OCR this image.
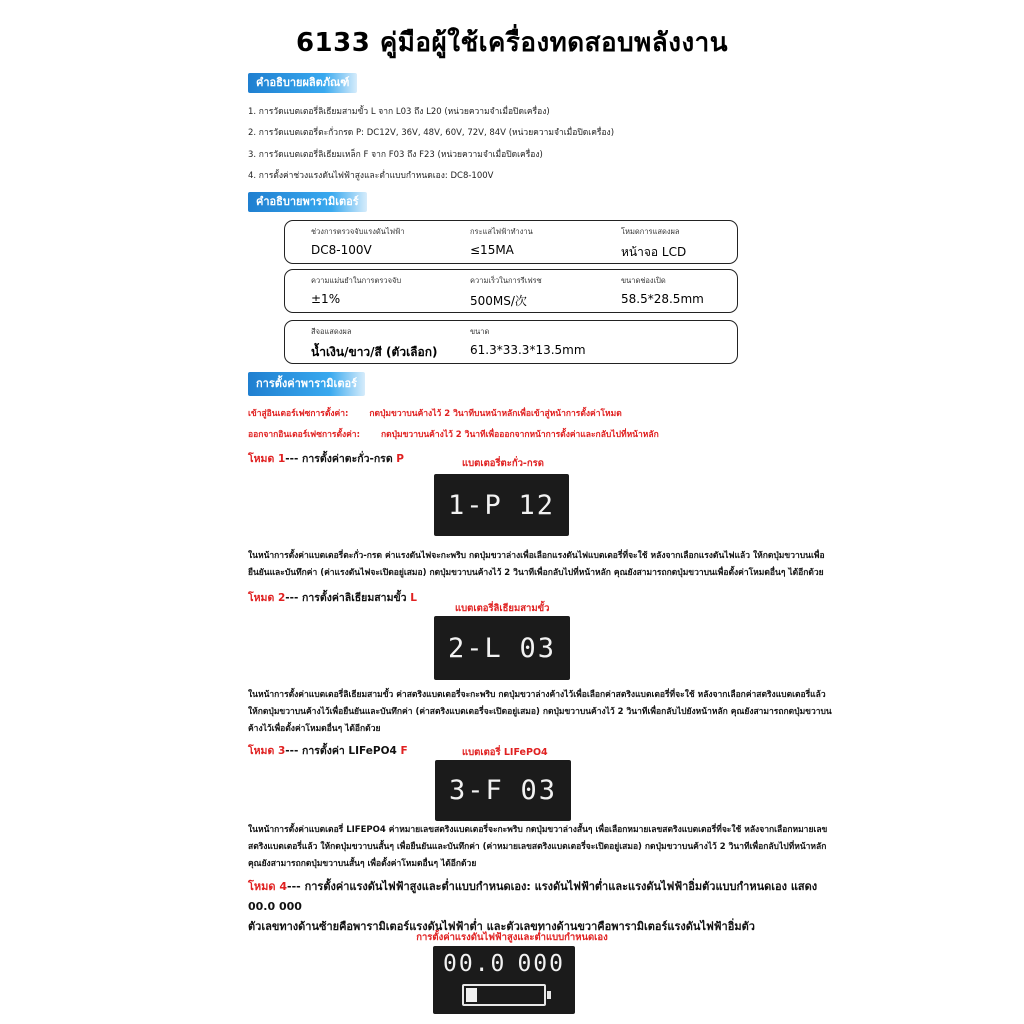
6133 คู่มือผู้ใช้เครื่องทดสอบพลังงาน
คำอธิบายผลิตภัณฑ์
1. การวัดแบตเตอรี่ลิเธียมสามขั้ว L จาก L03 ถึง L20 (หน่วยความจำเมื่อปิดเครื่อง)
2. การวัดแบตเตอรี่ตะกั่วกรด P: DC12V, 36V, 48V, 60V, 72V, 84V (หน่วยความจำเมื่อปิดเครื่อง)
3. การวัดแบตเตอรี่ลิเธียมเหล็ก F จาก F03 ถึง F23 (หน่วยความจำเมื่อปิดเครื่อง)
4. การตั้งค่าช่วงแรงดันไฟฟ้าสูงและต่ำแบบกำหนดเอง: DC8-100V
คำอธิบายพารามิเตอร์
ช่วงการตรวจจับแรงดันไฟฟ้า
DC8-100V
กระแสไฟฟ้าทำงาน
≤15MA
โหมดการแสดงผล
หน้าจอ LCD
ความแม่นยำในการตรวจจับ
±1%
ความเร็วในการรีเฟรช
500MS/次
ขนาดช่องเปิด
58.5*28.5mm
สีจอแสดงผล
น้ำเงิน/ขาว/สี (ตัวเลือก)
ขนาด
61.3*33.3*13.5mm
การตั้งค่าพารามิเตอร์
เข้าสู่อินเตอร์เฟซการตั้งค่า: กดปุ่มขวาบนค้างไว้ 2 วินาทีบนหน้าหลักเพื่อเข้าสู่หน้าการตั้งค่าโหมด
ออกจากอินเตอร์เฟซการตั้งค่า: กดปุ่มขวาบนค้างไว้ 2 วินาทีเพื่อออกจากหน้าการตั้งค่าและกลับไปที่หน้าหลัก
โหมด 1--- การตั้งค่าตะกั่ว-กรด P	แบตเตอรี่ตะกั่ว-กรด
1-P 12
ในหน้าการตั้งค่าแบตเตอรี่ตะกั่ว-กรด ค่าแรงดันไฟจะกะพริบ กดปุ่มขวาล่างเพื่อเลือกแรงดันไฟแบตเตอรี่ที่จะใช้ หลังจากเลือกแรงดันไฟแล้ว ให้กดปุ่มขวาบนเพื่อ
ยืนยันและบันทึกค่า (ค่าแรงดันไฟจะเปิดอยู่เสมอ) กดปุ่มขวาบนค้างไว้ 2 วินาทีเพื่อกลับไปที่หน้าหลัก คุณยังสามารถกดปุ่มขวาบนเพื่อตั้งค่าโหมดอื่นๆ ได้อีกด้วย
โหมด 2--- การตั้งค่าลิเธียมสามขั้ว L
แบตเตอรี่ลิเธียมสามขั้ว
2-L 03
ในหน้าการตั้งค่าแบตเตอรี่ลิเธียมสามขั้ว ค่าสตริงแบตเตอรี่จะกะพริบ กดปุ่มขวาล่างค้างไว้เพื่อเลือกค่าสตริงแบตเตอรี่ที่จะใช้ หลังจากเลือกค่าสตริงแบตเตอรี่แล้ว
ให้กดปุ่มขวาบนค้างไว้เพื่อยืนยันและบันทึกค่า (ค่าสตริงแบตเตอรี่จะเปิดอยู่เสมอ) กดปุ่มขวาบนค้างไว้ 2 วินาทีเพื่อกลับไปยังหน้าหลัก คุณยังสามารถกดปุ่มขวาบน
ค้างไว้เพื่อตั้งค่าโหมดอื่นๆ ได้อีกด้วย
โหมด 3--- การตั้งค่า LIFePO4 F	แบตเตอรี่ LIFePO4
3-F 03
ในหน้าการตั้งค่าแบตเตอรี่ LIFEPO4 ค่าหมายเลขสตริงแบตเตอรี่จะกะพริบ กดปุ่มขวาล่างสั้นๆ เพื่อเลือกหมายเลขสตริงแบตเตอรี่ที่จะใช้ หลังจากเลือกหมายเลข
สตริงแบตเตอรี่แล้ว ให้กดปุ่มขวาบนสั้นๆ เพื่อยืนยันและบันทึกค่า (ค่าหมายเลขสตริงแบตเตอรี่จะเปิดอยู่เสมอ) กดปุ่มขวาบนค้างไว้ 2 วินาทีเพื่อกลับไปที่หน้าหลัก
คุณยังสามารถกดปุ่มขวาบนสั้นๆ เพื่อตั้งค่าโหมดอื่นๆ ได้อีกด้วย
โหมด 4--- การตั้งค่าแรงดันไฟฟ้าสูงและต่ำแบบกำหนดเอง: แรงดันไฟฟ้าต่ำและแรงดันไฟฟ้าอิ่มตัวแบบกำหนดเอง แสดง 00.0 000
ตัวเลขทางด้านซ้ายคือพารามิเตอร์แรงดันไฟฟ้าต่ำ และตัวเลขทางด้านขวาคือพารามิเตอร์แรงดันไฟฟ้าอิ่มตัว
การตั้งค่าแรงดันไฟฟ้าสูงและต่ำแบบกำหนดเอง
00.0 000
